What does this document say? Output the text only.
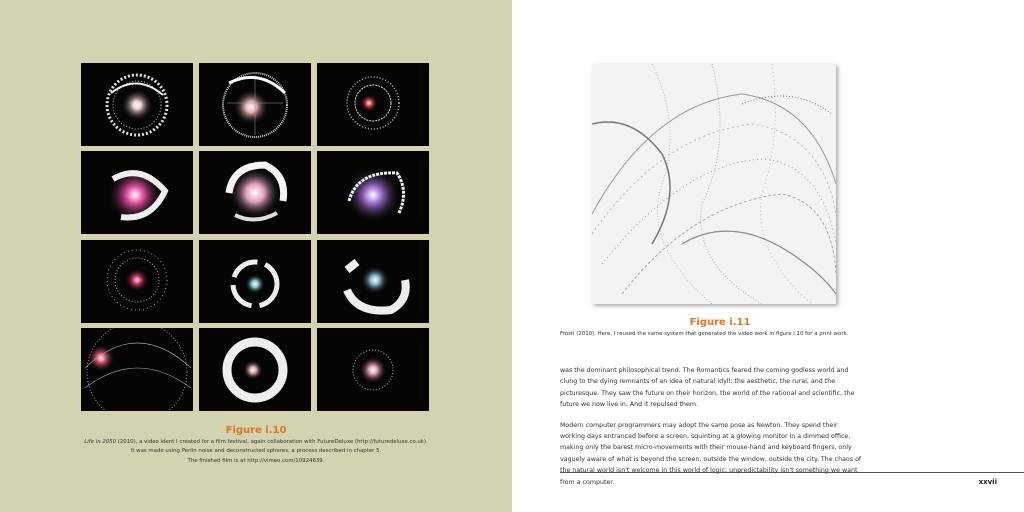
Figure i.10
Life in 2050 (2010), a video ident I created for a film festival, again collaboration with FutureDeluxe (http://futuredeluxe.co.uk).
It was made using Perlin noise and deconstructed spheres, a process described in chapter 5.
The finished film is at http://vimeo.com/10924639.
Figure i.11
Frosti (2010). Here, I reused the same system that generated the video work in figure i.10 for a print work.

was the dominant philosophical trend. The Romantics feared the coming godless world and clung to the dying remnants of an idea of natural idyll: the aesthetic, the rural, and the picturesque. They saw the future on their horizon, the world of the rational and scientific, the future we now live in. And it repulsed them.

Modern computer programmers may adopt the same pose as Newton. They spend their working days entranced before a screen, squinting at a glowing monitor in a dimmed office, making only the barest micro-movements with their mouse-hand and keyboard fingers, only vaguely aware of what is beyond the screen, outside the window, outside the city. The chaos of the natural world isn't welcome in this world of logic; unpredictability isn't something we want from a computer.	xxvii
